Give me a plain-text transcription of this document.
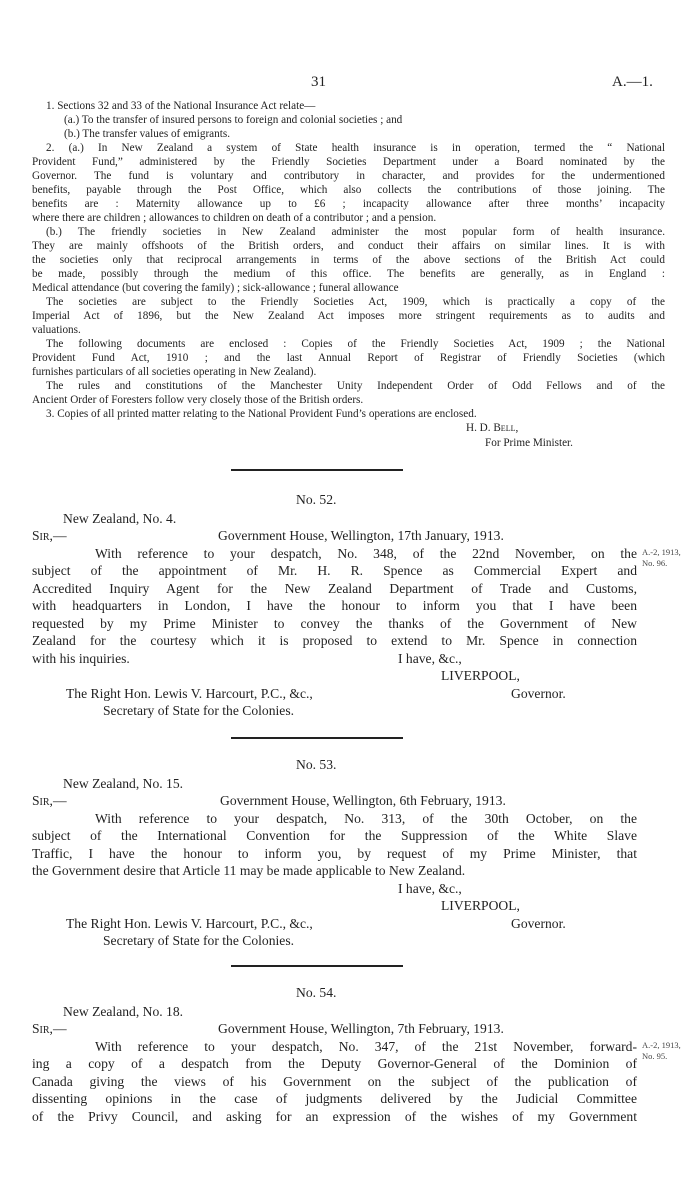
31	A.—1.
1. Sections 32 and 33 of the National Insurance Act relate—
(a.) To the transfer of insured persons to foreign and colonial societies ; and
(b.) The transfer values of emigrants.
2. (a.) In New Zealand a system of State health insurance is in operation, termed the “ National
Provident Fund,” administered by the Friendly Societies Department under a Board nominated by the
Governor. The fund is voluntary and contributory in character, and provides for the undermentioned
benefits, payable through the Post Office, which also collects the contributions of those joining. The
benefits are : Maternity allowance up to £6 ; incapacity allowance after three months’ incapacity
where there are children ; allowances to children on death of a contributor ; and a pension.
(b.) The friendly societies in New Zealand administer the most popular form of health insurance.
They are mainly offshoots of the British orders, and conduct their affairs on similar lines. It is with
the societies only that reciprocal arrangements in terms of the above sections of the British Act could
be made, possibly through the medium of this office. The benefits are generally, as in England :
Medical attendance (but covering the family) ; sick-allowance ; funeral allowance
The societies are subject to the Friendly Societies Act, 1909, which is practically a copy of the
Imperial Act of 1896, but the New Zealand Act imposes more stringent requirements as to audits and
valuations.
The following documents are enclosed : Copies of the Friendly Societies Act, 1909 ; the National
Provident Fund Act, 1910 ; and the last Annual Report of Registrar of Friendly Societies (which
furnishes particulars of all societies operating in New Zealand).
The rules and constitutions of the Manchester Unity Independent Order of Odd Fellows and of the
Ancient Order of Foresters follow very closely those of the British orders.
3. Copies of all printed matter relating to the National Provident Fund’s operations are enclosed.
H. D. Bell,
For Prime Minister.
No. 52.
New Zealand, No. 4.
Sir,—	Government House, Wellington, 17th January, 1913.
With reference to your despatch, No. 348, of the 22nd November, on the
subject of the appointment of Mr. H. R. Spence as Commercial Expert and
Accredited Inquiry Agent for the New Zealand Department of Trade and Customs,
with headquarters in London, I have the honour to inform you that I have been
requested by my Prime Minister to convey the thanks of the Government of New
Zealand for the courtesy which it is proposed to extend to Mr. Spence in connection
with his inquiries.	I have, &c.,
LIVERPOOL,
The Right Hon. Lewis V. Harcourt, P.C., &c.,	Governor.
Secretary of State for the Colonies.
A.-2, 1913,
No. 96.
No. 53.
New Zealand, No. 15.
Sir,—	Government House, Wellington, 6th February, 1913.
With reference to your despatch, No. 313, of the 30th October, on the
subject of the International Convention for the Suppression of the White Slave
Traffic, I have the honour to inform you, by request of my Prime Minister, that
the Government desire that Article 11 may be made applicable to New Zealand.
I have, &c.,
LIVERPOOL,
The Right Hon. Lewis V. Harcourt, P.C., &c.,	Governor.
Secretary of State for the Colonies.
No. 54.
New Zealand, No. 18.
Sir,—	Government House, Wellington, 7th February, 1913.
With reference to your despatch, No. 347, of the 21st November, forward-
ing a copy of a despatch from the Deputy Governor-General of the Dominion of
Canada giving the views of his Government on the subject of the publication of
dissenting opinions in the case of judgments delivered by the Judicial Committee
of the Privy Council, and asking for an expression of the wishes of my Government
A.-2, 1913,
No. 95.
